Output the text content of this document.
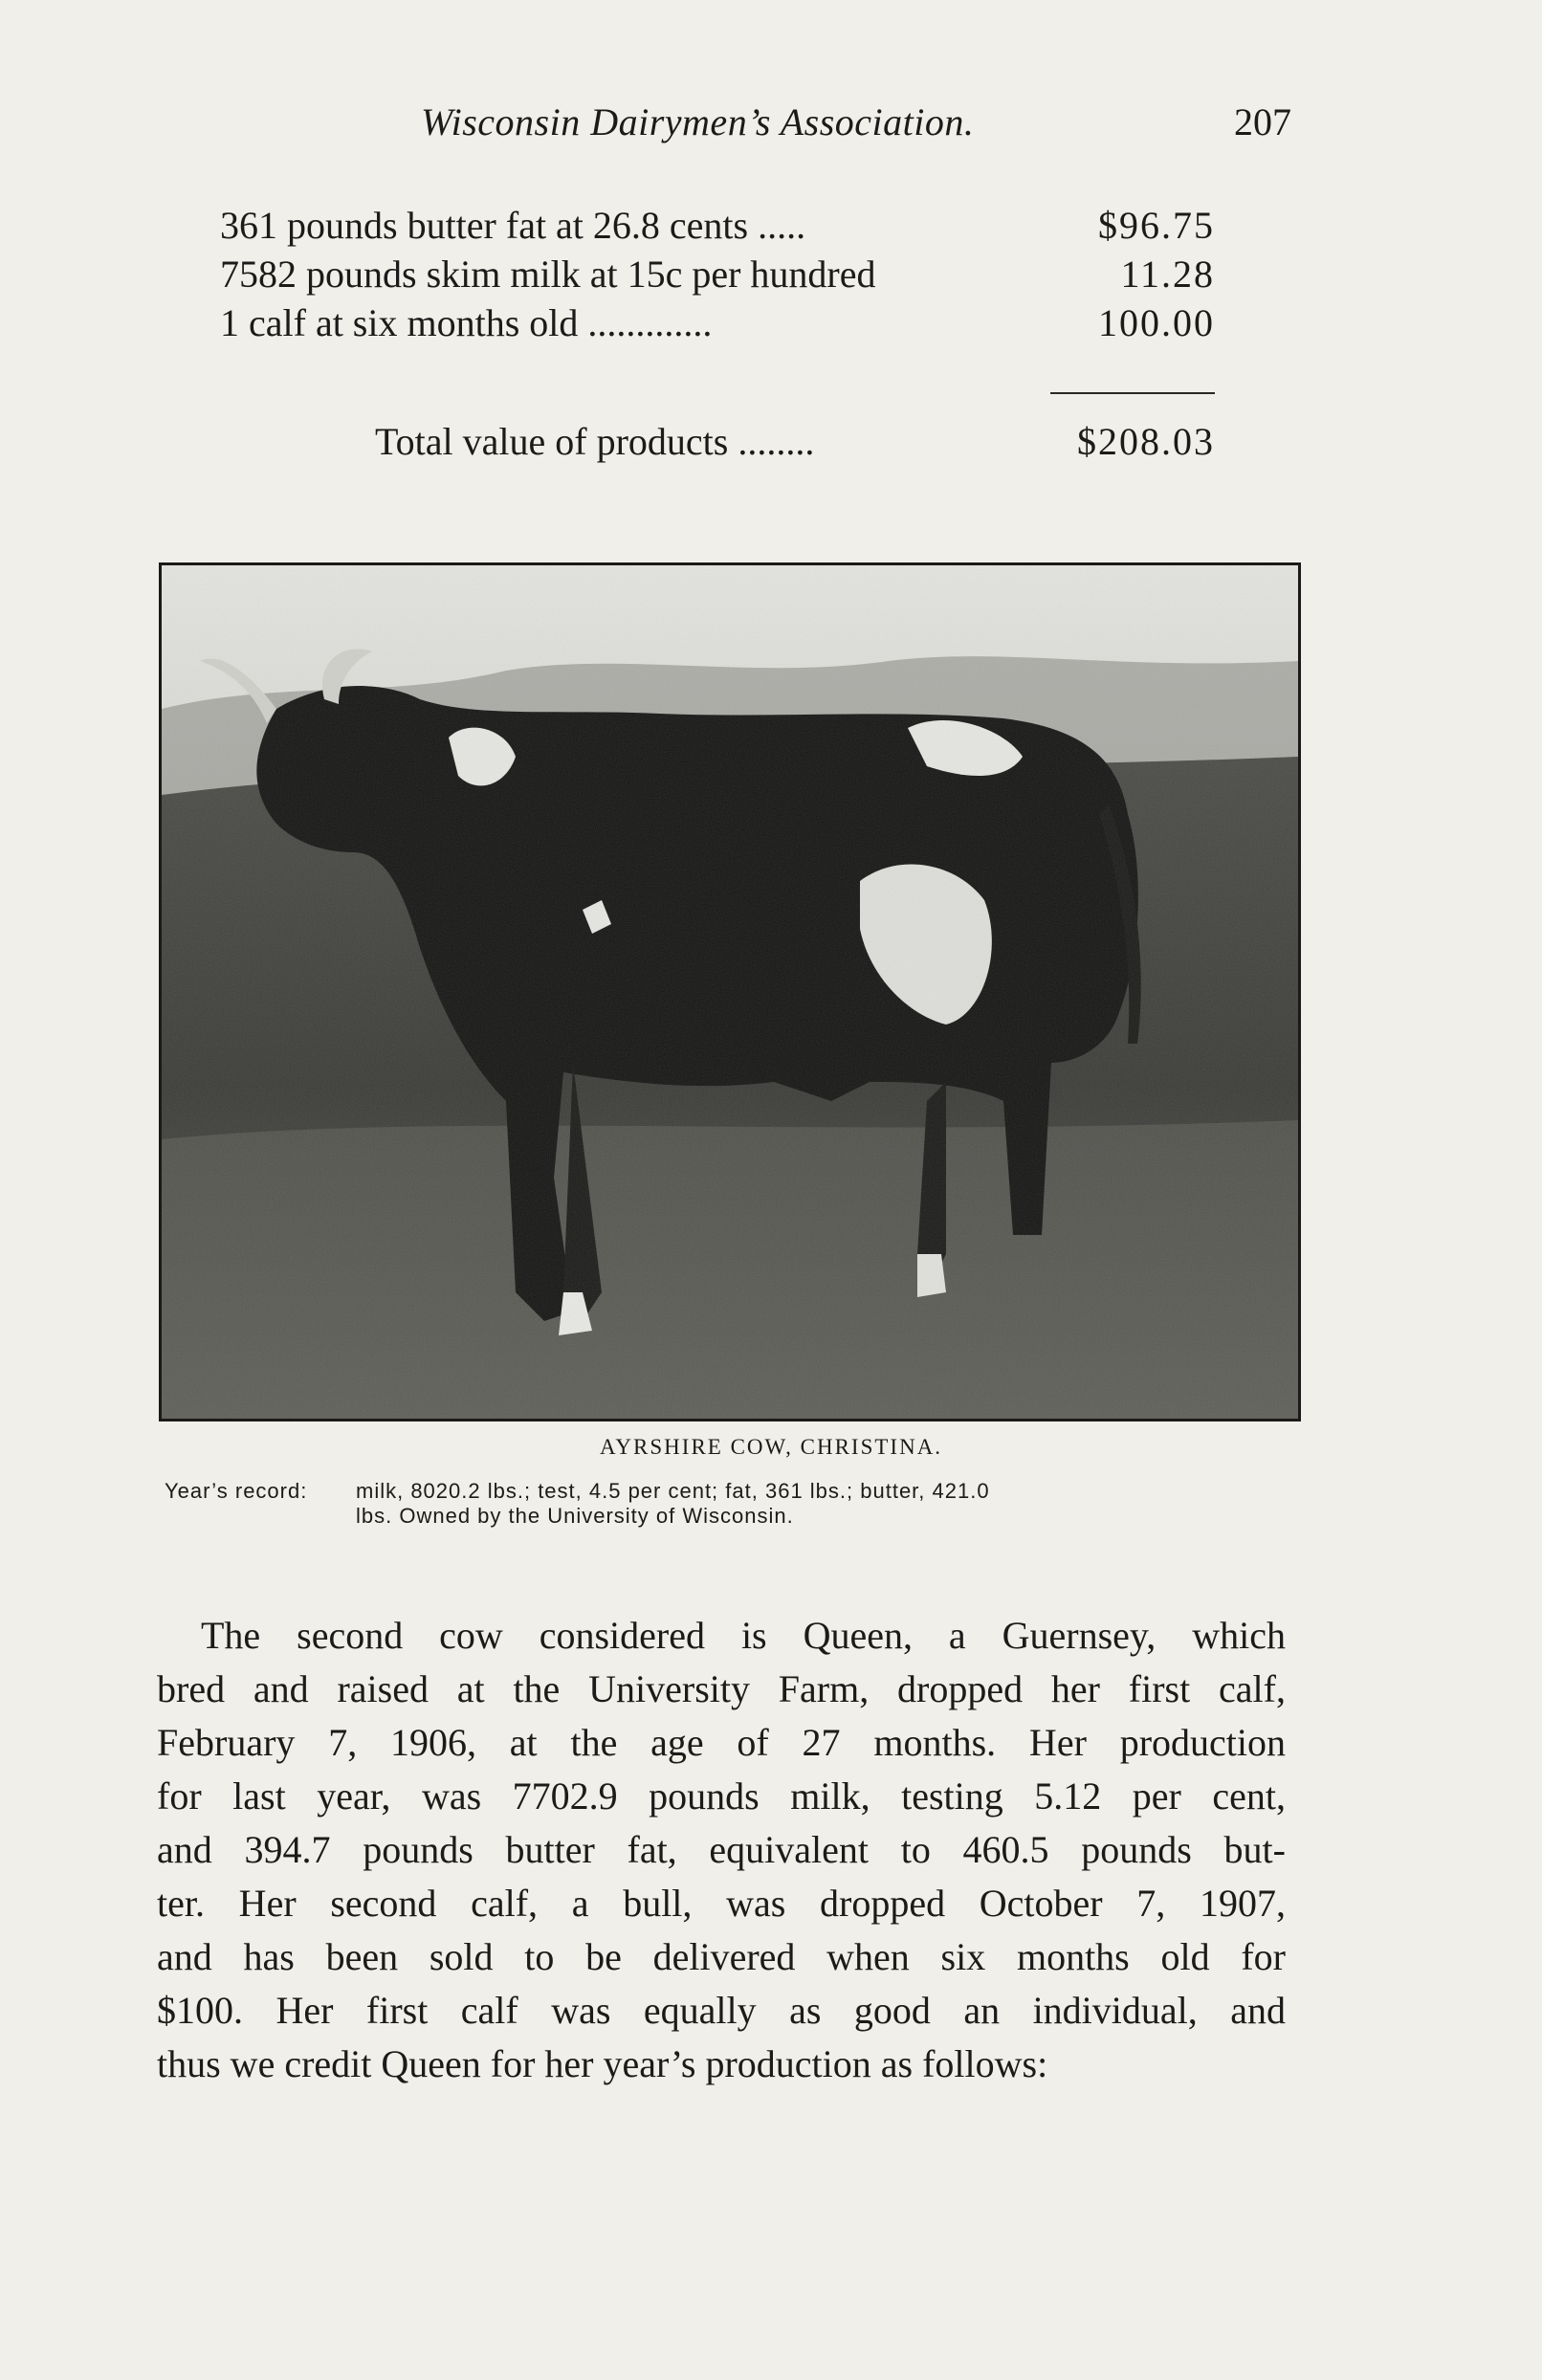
Wisconsin Dairymen’s Association.	207
361 pounds butter fat at 26.8 cents .....	$96.75
7582 pounds skim milk at 15c per hundred	11.28
1 calf at six months old .............	100.00
Total value of products ........	$208.03
AYRSHIRE COW, CHRISTINA.
Year’s record: milk, 8020.2 lbs.; test, 4.5 per cent; fat, 361 lbs.; butter, 421.0
lbs. Owned by the University of Wisconsin.
The second cow considered is Queen, a Guernsey, which
bred and raised at the University Farm, dropped her first calf,
February 7, 1906, at the age of 27 months. Her production
for last year, was 7702.9 pounds milk, testing 5.12 per cent,
and 394.7 pounds butter fat, equivalent to 460.5 pounds but-
ter. Her second calf, a bull, was dropped October 7, 1907,
and has been sold to be delivered when six months old for
$100. Her first calf was equally as good an individual, and
thus we credit Queen for her year’s production as follows:
